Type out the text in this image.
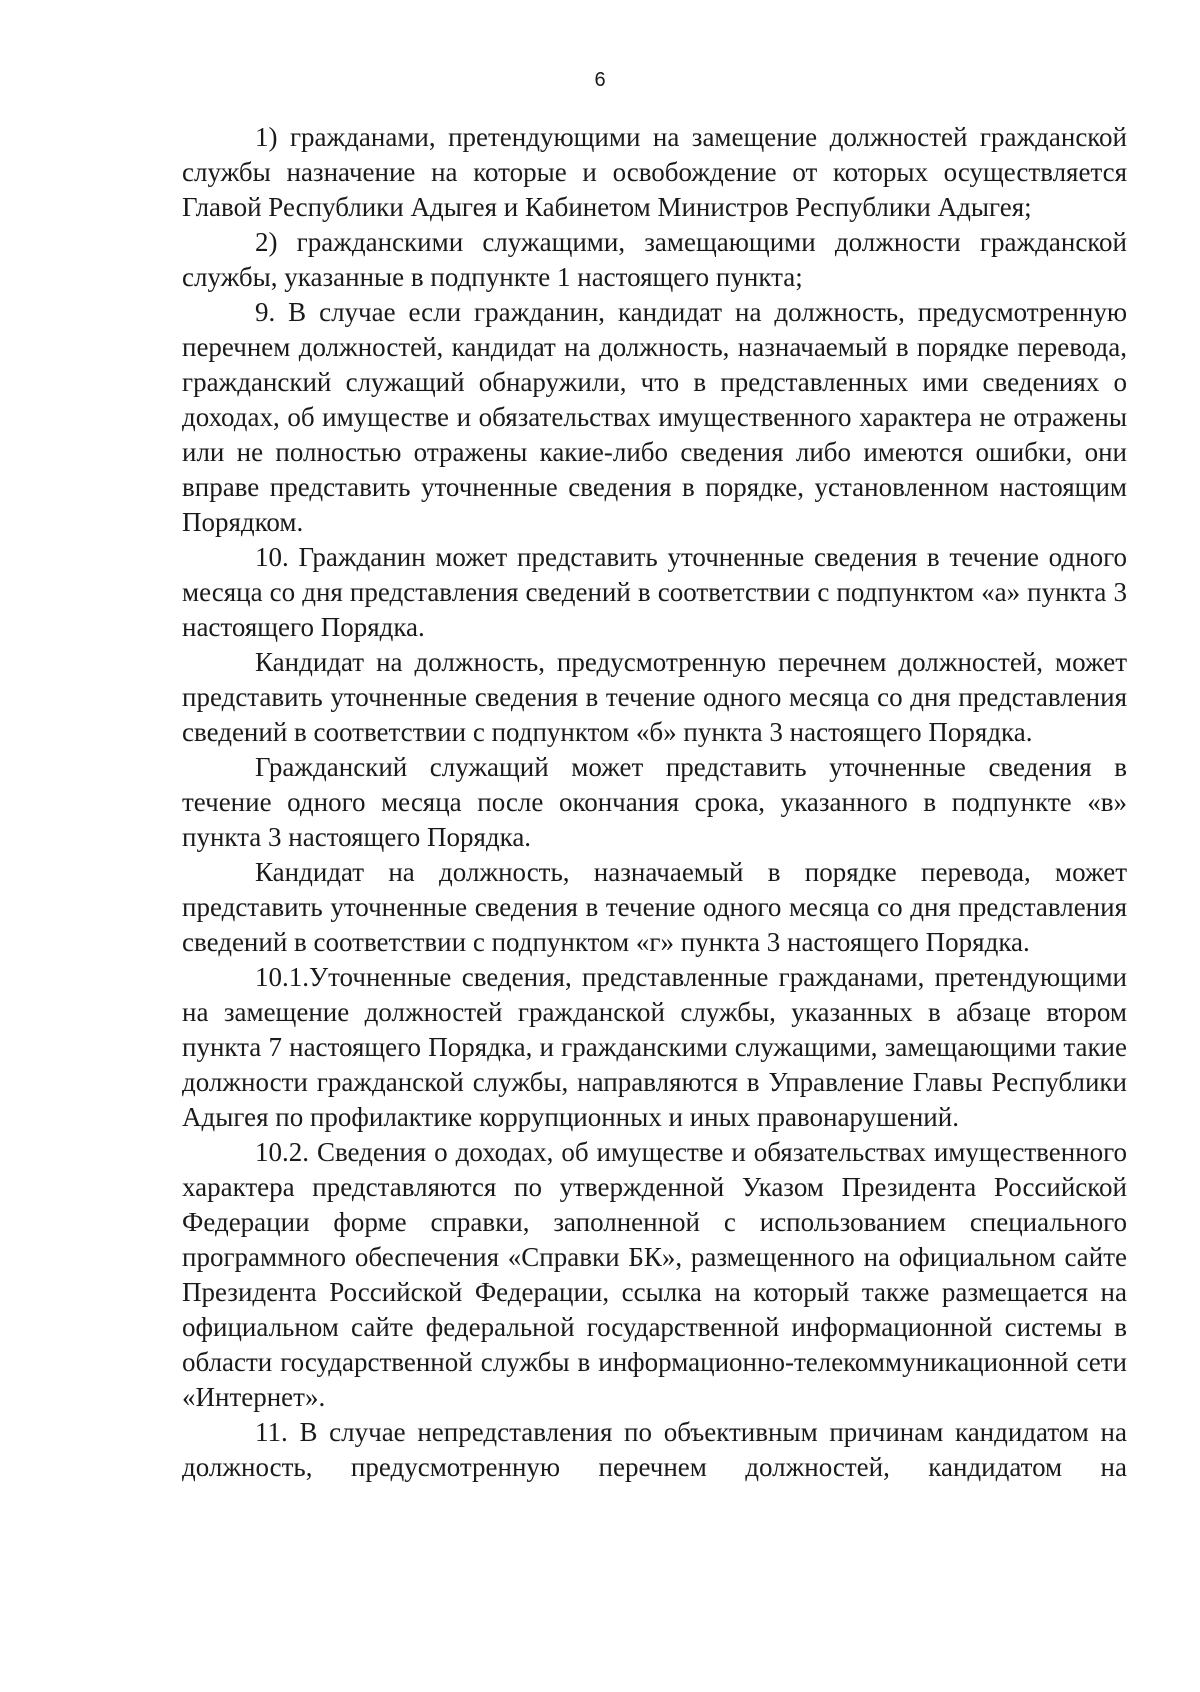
6

1) гражданами, претендующими на замещение должностей гражданской службы назначение на которые и освобождение от которых осуществляется Главой Республики Адыгея и Кабинетом Министров Республики Адыгея;

2) гражданскими служащими, замещающими должности гражданской службы, указанные в подпункте 1 настоящего пункта;

9. В случае если гражданин, кандидат на должность, предусмотренную перечнем должностей, кандидат на должность, назначаемый в порядке перевода, гражданский служащий обнаружили, что в представленных ими сведениях о доходах, об имуществе и обязательствах имущественного характера не отражены или не полностью отражены какие-либо сведения либо имеются ошибки, они вправе представить уточненные сведения в порядке, установленном настоящим Порядком.

10. Гражданин может представить уточненные сведения в течение одного месяца со дня представления сведений в соответствии с подпунктом «а» пункта 3 настоящего Порядка.

Кандидат на должность, предусмотренную перечнем должностей, может представить уточненные сведения в течение одного месяца со дня представления сведений в соответствии с подпунктом «б» пункта 3 настоящего Порядка.

Гражданский служащий может представить уточненные сведения в течение одного месяца после окончания срока, указанного в подпункте «в» пункта 3 настоящего Порядка.

Кандидат на должность, назначаемый в порядке перевода, может представить уточненные сведения в течение одного месяца со дня представления сведений в соответствии с подпунктом «г» пункта 3 настоящего Порядка.

10.1.Уточненные сведения, представленные гражданами, претендующими на замещение должностей гражданской службы, указанных в абзаце втором пункта 7 настоящего Порядка, и гражданскими служащими, замещающими такие должности гражданской службы, направляются в Управление Главы Республики Адыгея по профилактике коррупционных и иных правонарушений.

10.2. Сведения о доходах, об имуществе и обязательствах имущественного характера представляются по утвержденной Указом Президента Российской Федерации форме справки, заполненной с использованием специального программного обеспечения «Справки БК», размещенного на официальном сайте Президента Российской Федерации, ссылка на который также размещается на официальном сайте федеральной государственной информационной системы в области государственной службы в информационно-телекоммуникационной сети «Интернет».

11. В случае непредставления по объективным причинам кандидатом на должность, предусмотренную перечнем должностей, кандидатом на
